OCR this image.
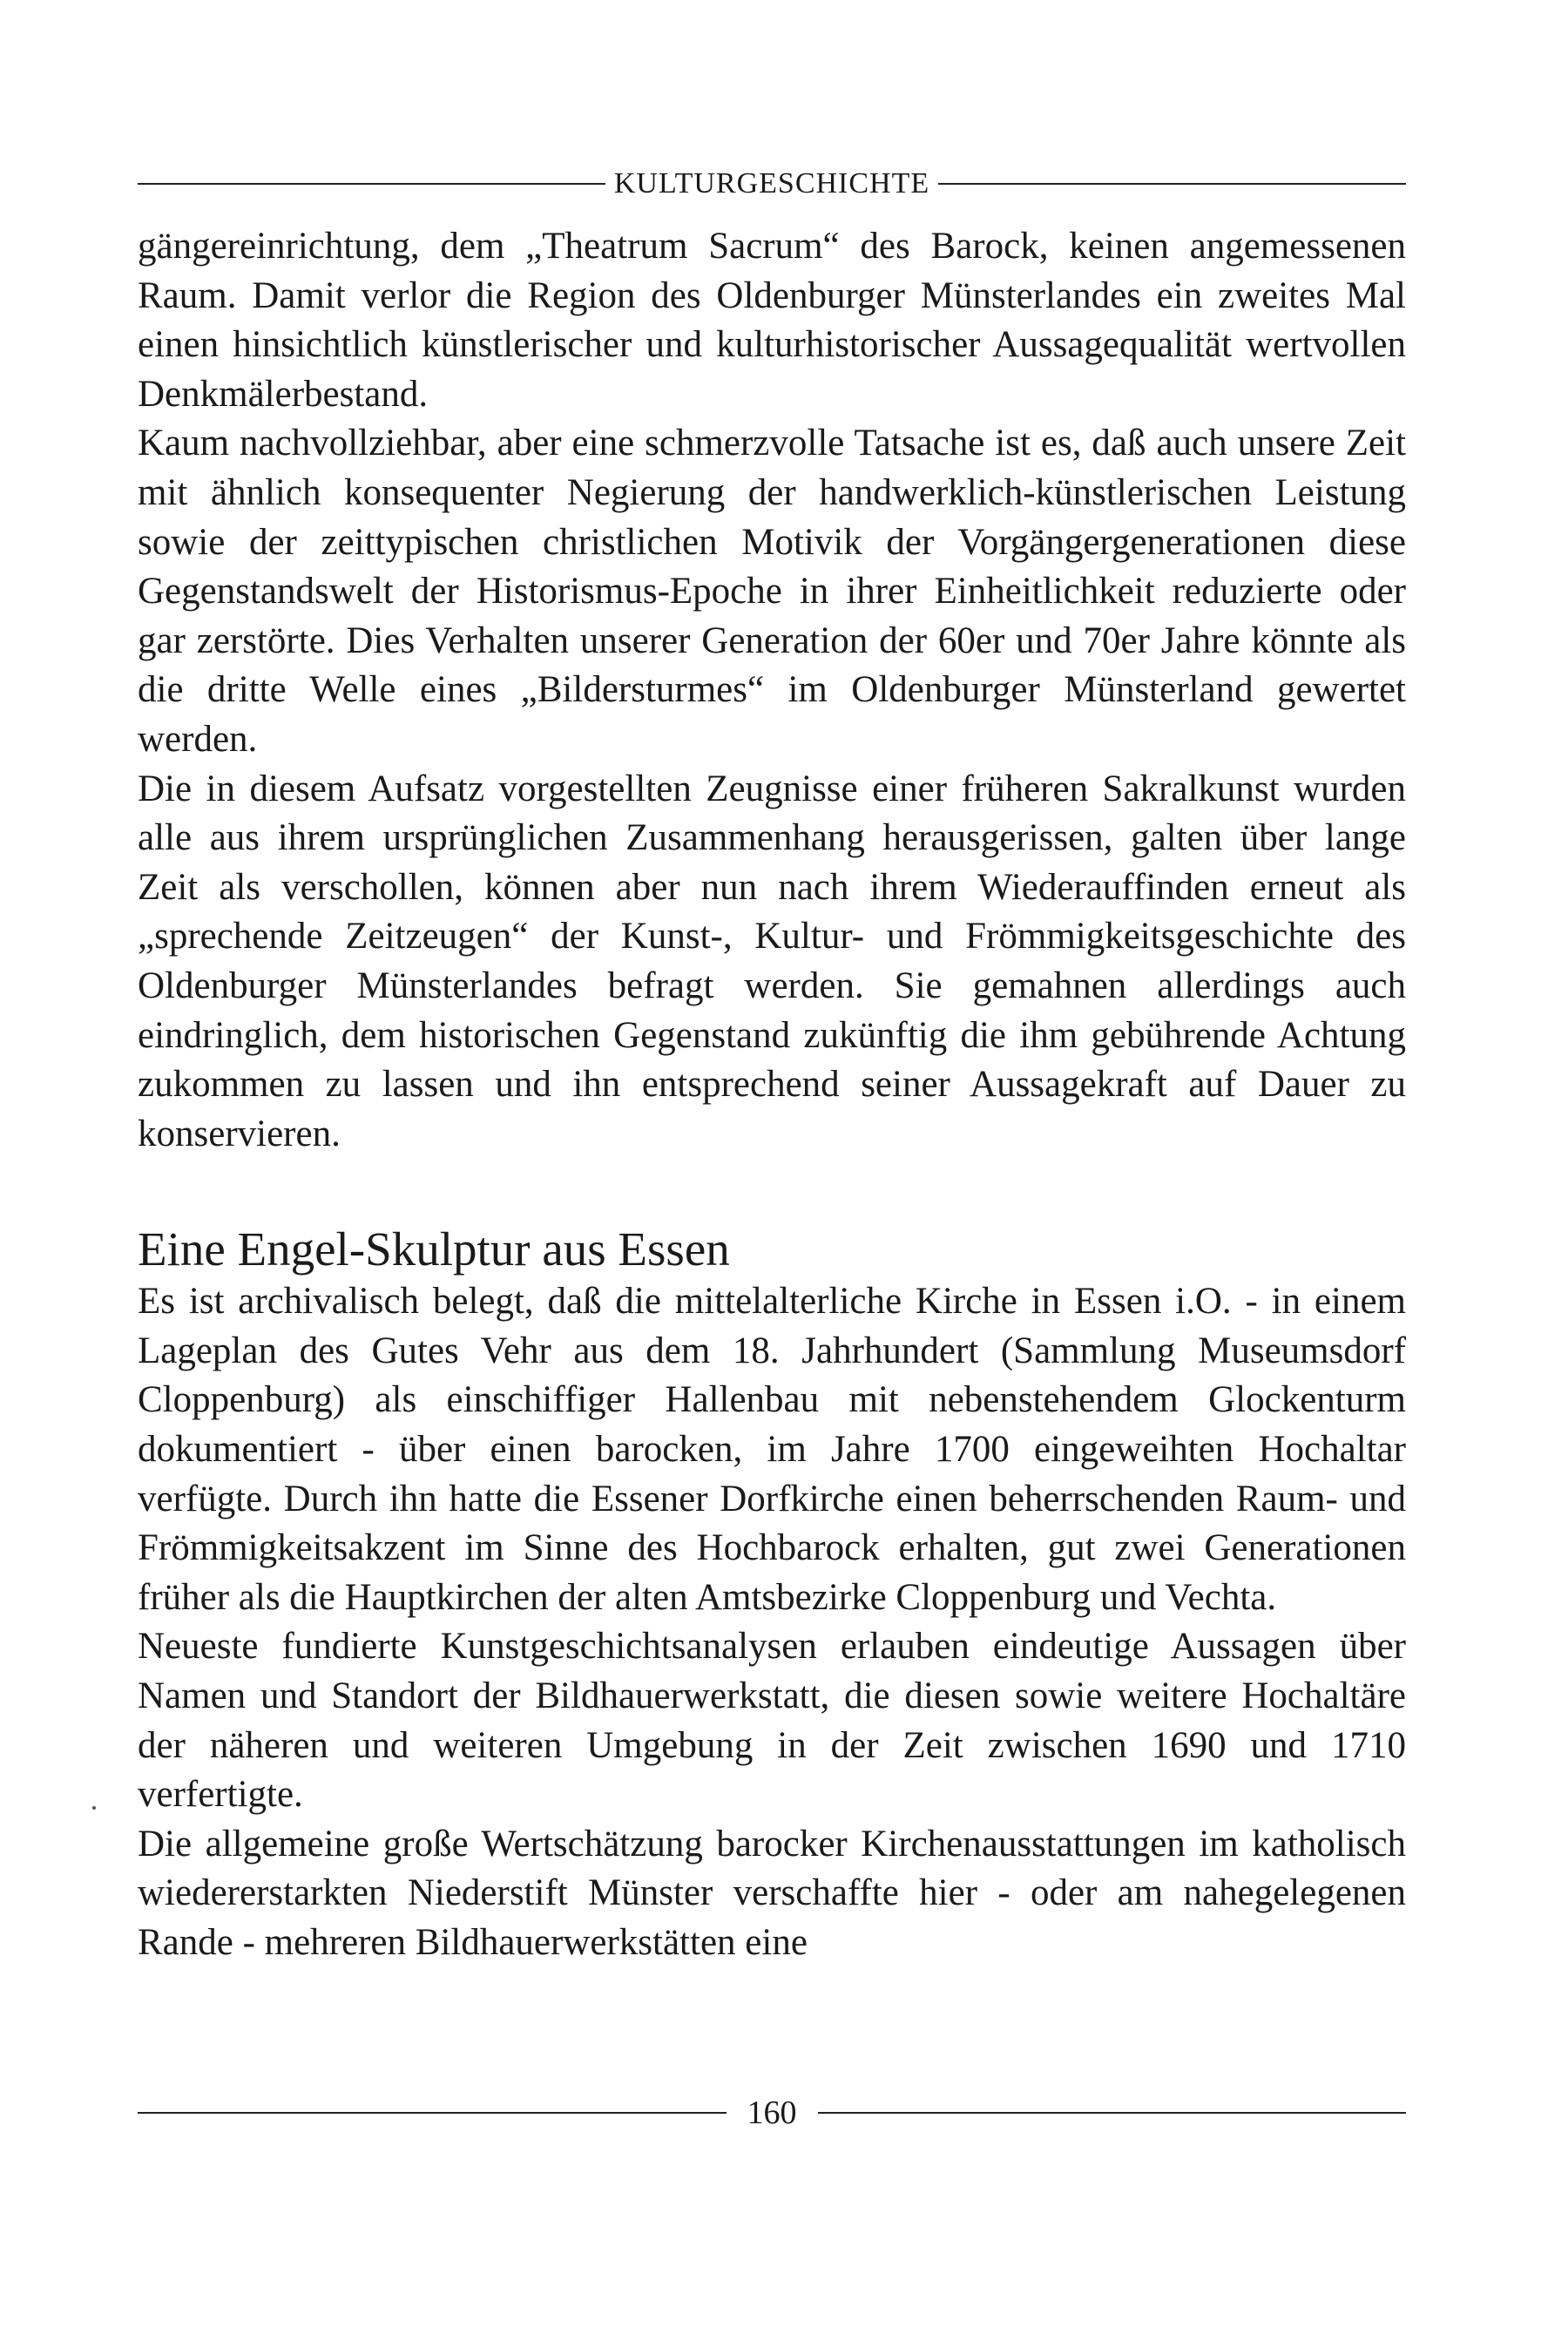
KULTURGESCHICHTE

gängereinrichtung, dem „Theatrum Sacrum“ des Barock, keinen angemessenen Raum. Damit verlor die Region des Oldenburger Münsterlandes ein zweites Mal einen hinsichtlich künstlerischer und kulturhistorischer Aussagequalität wertvollen Denkmälerbestand.

Kaum nachvollziehbar, aber eine schmerzvolle Tatsache ist es, daß auch unsere Zeit mit ähnlich konsequenter Negierung der handwerklich-künstlerischen Leistung sowie der zeittypischen christlichen Motivik der Vorgängergenerationen diese Gegenstandswelt der Historismus-Epoche in ihrer Einheitlichkeit reduzierte oder gar zerstörte. Dies Verhalten unserer Generation der 60er und 70er Jahre könnte als die dritte Welle eines „Bildersturmes“ im Oldenburger Münsterland gewertet werden.

Die in diesem Aufsatz vorgestellten Zeugnisse einer früheren Sakralkunst wurden alle aus ihrem ursprünglichen Zusammenhang herausgerissen, galten über lange Zeit als verschollen, können aber nun nach ihrem Wiederauffinden erneut als „sprechende Zeitzeugen“ der Kunst-, Kultur- und Frömmigkeitsgeschichte des Oldenburger Münsterlandes befragt werden. Sie gemahnen allerdings auch eindringlich, dem historischen Gegenstand zukünftig die ihm gebührende Achtung zukommen zu lassen und ihn entsprechend seiner Aussagekraft auf Dauer zu konservieren.

Eine Engel-Skulptur aus Essen

Es ist archivalisch belegt, daß die mittelalterliche Kirche in Essen i.O. - in einem Lageplan des Gutes Vehr aus dem 18. Jahrhundert (Sammlung Museumsdorf Cloppenburg) als einschiffiger Hallenbau mit nebenstehendem Glockenturm dokumentiert - über einen barocken, im Jahre 1700 eingeweihten Hochaltar verfügte. Durch ihn hatte die Essener Dorfkirche einen beherrschenden Raum- und Frömmigkeitsakzent im Sinne des Hochbarock erhalten, gut zwei Generationen früher als die Hauptkirchen der alten Amtsbezirke Cloppenburg und Vechta.

Neueste fundierte Kunstgeschichtsanalysen erlauben eindeutige Aussagen über Namen und Standort der Bildhauerwerkstatt, die diesen sowie weitere Hochaltäre der näheren und weiteren Umgebung in der Zeit zwischen 1690 und 1710 verfertigte.

Die allgemeine große Wertschätzung barocker Kirchenausstattungen im katholisch wiedererstarkten Niederstift Münster verschaffte hier - oder am nahegelegenen Rande - mehreren Bildhauerwerkstätten eine

160
